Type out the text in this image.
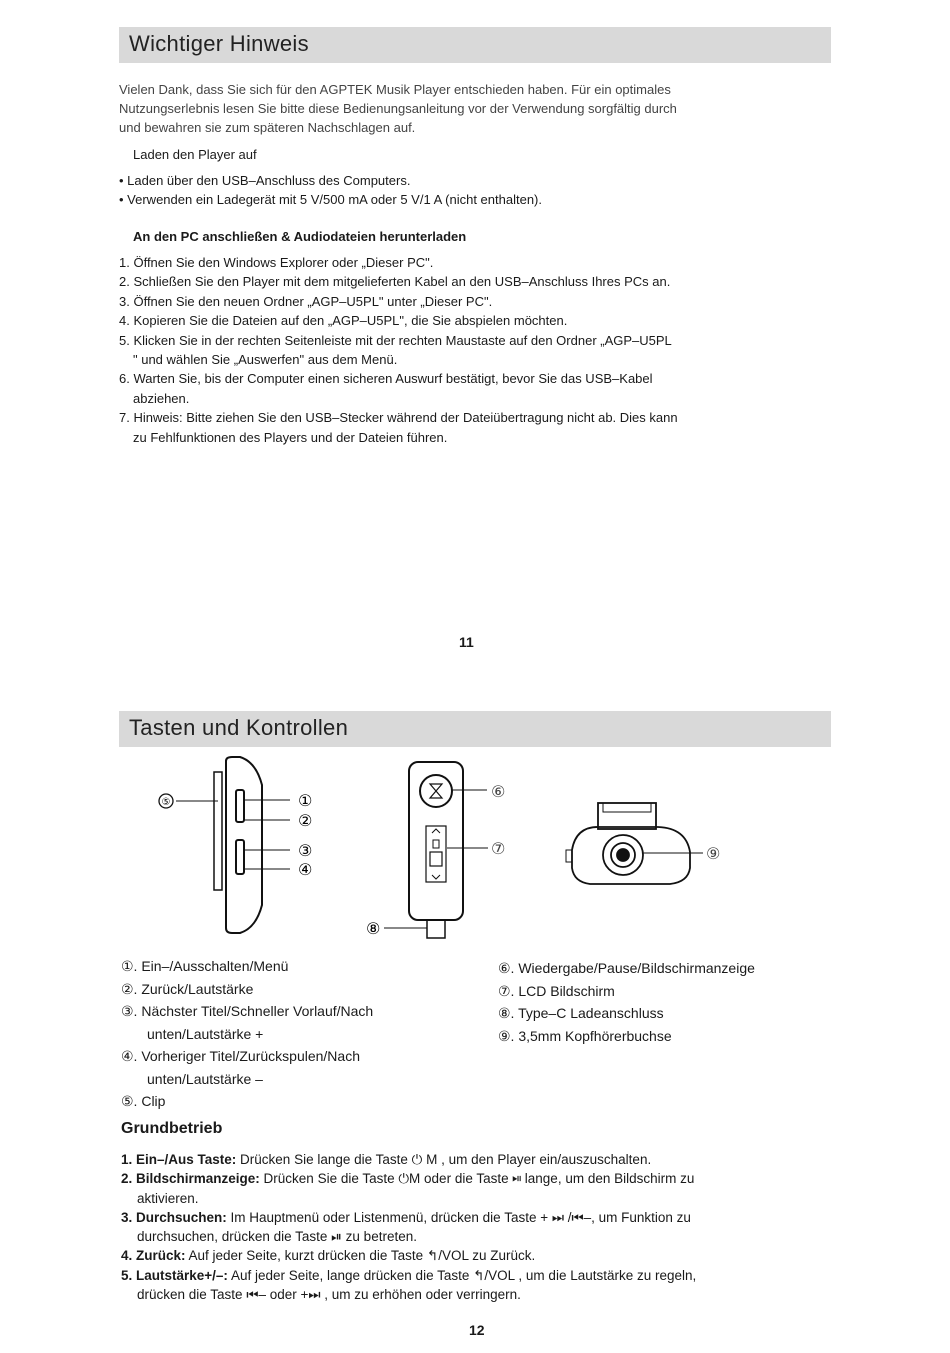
Wichtiger Hinweis
Vielen Dank, dass Sie sich für den AGPTEK Musik Player entschieden haben. Für ein optimales
Nutzungserlebnis lesen Sie bitte diese Bedienungsanleitung vor der Verwendung sorgfältig durch
und bewahren sie zum späteren Nachschlagen auf.
Laden den Player auf
• Laden über den USB–Anschluss des Computers.
• Verwenden ein Ladegerät mit 5 V/500 mA oder 5 V/1 A (nicht enthalten).
An den PC anschließen & Audiodateien herunterladen
1. Öffnen Sie den Windows Explorer oder „Dieser PC".
2. Schließen Sie den Player mit dem mitgelieferten Kabel an den USB–Anschluss Ihres PCs an.
3. Öffnen Sie den neuen Ordner „AGP–U5PL" unter „Dieser PC".
4. Kopieren Sie die Dateien auf den „AGP–U5PL", die Sie abspielen möchten.
5. Klicken Sie in der rechten Seitenleiste mit der rechten Maustaste auf den Ordner „AGP–U5PL
" und wählen Sie „Auswerfen" aus dem Menü.
6. Warten Sie, bis der Computer einen sicheren Auswurf bestätigt, bevor Sie das USB–Kabel
abziehen.
7. Hinweis: Bitte ziehen Sie den USB–Stecker während der Dateiübertragung nicht ab. Dies kann
zu Fehlfunktionen des Players und der Dateien führen.
11
Tasten und Kontrollen
⑤	①
②
③
④
⑥
⑦
⑧
⑨
①. Ein–/Ausschalten/Menü
②. Zurück/Lautstärke
③. Nächster Titel/Schneller Vorlauf/Nach
unten/Lautstärke +
④. Vorheriger Titel/Zurückspulen/Nach
unten/Lautstärke –
⑤. Clip
⑥. Wiedergabe/Pause/Bildschirmanzeige
⑦. LCD Bildschirm
⑧. Type–C Ladeanschluss
⑨. 3,5mm Kopfhörerbuchse
Grundbetrieb
1. Ein–/Aus Taste: Drücken Sie lange die Taste ⏻ M , um den Player ein/auszuschalten.
2. Bildschirmanzeige: Drücken Sie die Taste ⏻M oder die Taste ⏯ lange, um den Bildschirm zu
aktivieren.
3. Durchsuchen: Im Hauptmenü oder Listenmenü, drücken die Taste + ⏭ /⏮–, um Funktion zu
durchsuchen, drücken die Taste ⏯ zu betreten.
4. Zurück: Auf jeder Seite, kurzt drücken die Taste ↰/VOL zu Zurück.
5. Lautstärke+/–: Auf jeder Seite, lange drücken die Taste ↰/VOL , um die Lautstärke zu regeln,
drücken die Taste ⏮– oder +⏭ , um zu erhöhen oder verringern.
12
